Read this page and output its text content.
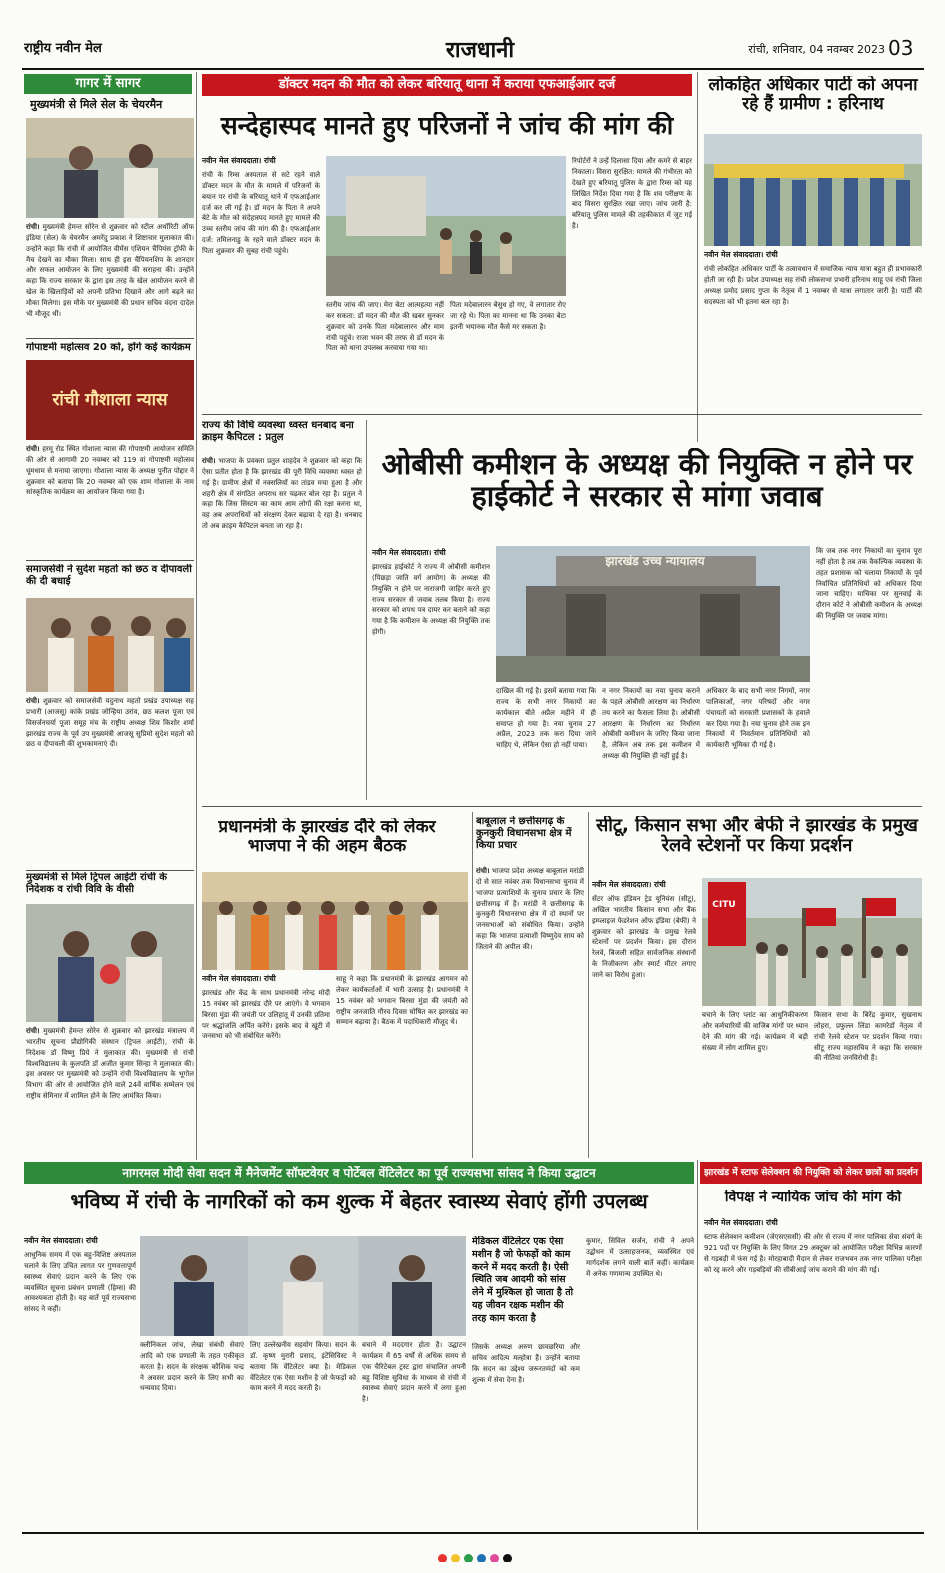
राष्ट्रीय नवीन मेल	राजधानी	रांची, शनिवार, 04 नवम्बर 2023 03
गागर में सागर
मुख्यमंत्री से मिले सेल के चेयरमैन
रांची। मुख्यमंत्री हेमन्त सोरेन से शुक्रवार को स्टील अथॉरिटी ऑफ इंडिया (सेल) के चेयरमैन अमरेंदु प्रकाश ने शिष्टाचार मुलाकात की। उन्होंने कहा कि रांची में आयोजित वीमेंस एशियन चैंपियंस ट्रॉफी के मैच देखने का मौका मिला। साथ ही इस चैंपियनशिप के शानदार और सफल आयोजन के लिए मुख्यमंत्री की सराहना की। उन्होंने कहा कि राज्य सरकार के द्वारा इस तरह के खेल आयोजन करने से खेल के खिलाड़ियों को अपनी प्रतिभा दिखाने और आगे बढ़ने का मौका मिलेगा। इस मौके पर मुख्यमंत्री की प्रधान सचिव वंदना दादेल भी मौजूद थीं।
गोपाष्टमी महोत्सव 20 को, होंगे कई कार्यक्रम
रांची गौशाला न्यास
रांची। हरमू रोड स्थित गोशाला न्यास की गोपाष्टमी आयोजन समिति की ओर से आगामी 20 नवम्बर को 119 वां गोपाष्टमी महोत्सव धूमधाम से मनाया जाएगा। गोशाला न्यास के अध्यक्ष पुनीत पोद्दार ने शुक्रवार को बताया कि 20 नवम्बर को एक शाम गोशाला के नाम सांस्कृतिक कार्यक्रम का आयोजन किया गया है।
समाजसेवी ने सुदेश महतो को छठ व दीपावली की दी बधाई
रांची। शुक्रवार को समाजसेवी यदुनाथ महतो प्रखंड उपाध्यक्ष सह प्रभारी (आजसू) कांके प्रखंड जोन्हिया उरांव, छठ कलश पूजा एवं विसर्जनचर्या पूजा समूह मंच के राष्ट्रीय अध्यक्ष शिव किशोर शर्मा झारखंड राज्य के पूर्व उप मुख्यमंत्री आजसू सुप्रिमो सुदेश महतो को छठ व दीपावली की शुभकामनाएं दी।
मुख्यमंत्री से मिले ट्रिपल आईटी रांची के निदेशक व रांची विवि के वीसी
रांची। मुख्यमंत्री हेमन्त सोरेन से शुक्रवार को झारखंड मंत्रालय में भारतीय सूचना प्रौद्योगिकी संस्थान (ट्रिपल आईटी), रांची के निदेशक डॉ विष्णु प्रिये ने मुलाकात की। मुख्यमंत्री से रांची विश्वविद्यालय के कुलपति डॉ अजीत कुमार सिन्हा ने मुलाकात की। इस अवसर पर मुख्यमंत्री को उन्होंने रांची विश्वविद्यालय के भूगोल विभाग की ओर से आयोजित होने वाले 24वें वार्षिक सम्मेलन एवं राष्ट्रीय सेमिनार में शामिल होने के लिए आमंत्रित किया।
डॉक्टर मदन की मौत को लेकर बरियातू थाना में कराया एफआईआर दर्ज
सन्देहास्पद मानते हुए परिजनों ने जांच की मांग की
नवीन मेल संवाददाता। रांची
रांची के रिम्स अस्पताल से सटे रहने वाले डॉक्टर मदन के मौत के मामले में परिजनों के बयान पर रांची के बरियातू थाने में एफआईआर दर्ज कर ली गई है। डॉ मदन के पिता ने अपने बेटे के मौत को संदेहास्पद मानते हुए मामले की उच्च स्तरीय जांच की मांग की है। एफआईआर दर्ज: तमिलनाडु के रहने वाले डॉक्टर मदन के पिता शुक्रवार की सुबह रांची पहुंचे।
स्तरीय जांच की जाए। मेरा बेटा आत्महत्या नहीं कर सकता: डॉ मदन की मौत की खबर सुनकर शुक्रवार को उनके पिता मदेबालारन और माम रांची पहुंचे। राजा भवन की तरफ से डॉ मदन के पिता को थाना उपलब्ध करवाया गया था।
पिता मदेबालारन बेसुध हो गए, वे लगातार रोए जा रहे थे। पिता का मानना था कि उनका बेटा इतनी भयानक मौत कैसे मर सकता है।
रिपोर्टरों ने उन्हें दिलासा दिया और कमरे से बाहर निकाला। विसरा सुरक्षित: मामले की गंभीरता को देखते हुए बरियातू पुलिस के द्वारा रिम्स को यह लिखित निर्देश दिया गया है कि शव परीक्षण के बाद विसरा सुरक्षित रखा जाए। जांच जारी है: बरियातू पुलिस मामले की तहकीकात में जुट गई है।
लोकहित अधिकार पार्टी को अपना रहे हैं ग्रामीण : हरिनाथ
नवीन मेल संवाददाता। रांची
रांची लोकहित अधिकार पार्टी के तत्वावधान में समाजिक न्याय यात्रा बहुत ही प्रभावकारी होती जा रही है। प्रदेश उपाध्यक्ष सह रांची लोकसभा प्रभारी हरिनाथ साहू एवं रांची जिला अध्यक्ष प्रमोद प्रसाद गुप्ता के नेतृत्व में 1 नवम्बर से यात्रा लगातार जारी है। पार्टी की सदस्यता को भी इतना बल रहा है।
राज्य की विधि व्यवस्था ध्वस्त धनबाद बना क्राइम कैपिटल : प्रतुल
रांची। भाजपा के प्रवक्ता प्रतुल शाहदेव ने शुक्रवार को कहा कि ऐसा प्रतीत होता है कि झारखंड की पूरी विधि व्यवस्था ध्वस्त हो गई है। ग्रामीण क्षेत्रों में नक्सलियों का तांडव मचा हुआ है और शहरी क्षेत्र में संगठित अपराध सर चढ़कर बोल रहा है। प्रतुल ने कहा कि जिस सिस्टम का काम आम लोगों की रक्षा करना था, वह अब अपराधियों को संरक्षण देकर बढ़ावा दे रहा है। धनबाद तो अब क्राइम कैपिटल बनता जा रहा है।
ओबीसी कमीशन के अध्यक्ष की नियुक्ति न होने पर हाईकोर्ट ने सरकार से मांगा जवाब
नवीन मेल संवाददाता। रांची
झारखंड हाईकोर्ट ने राज्य में ओबीसी कमीशन (पिछड़ा जाति वर्ग आयोग) के अध्यक्ष की नियुक्ति न होने पर नाराजगी जाहिर करते हुए राज्य सरकार से जवाब तलब किया है। राज्य सरकार को शपथ पत्र दायर कर बताने को कहा गया है कि कमीशन के अध्यक्ष की नियुक्ति तक होगी।
झारखंड उच्च न्यायालय
दाखिल की गई है। इसमें बताया गया कि राज्य के सभी नगर निकायों का कार्यकाल बीते अप्रैल महीने में ही समाप्त हो गया है। नया चुनाव 27 अप्रैल, 2023 तक करा दिया जाने चाहिए थे, लेकिन ऐसा हो नहीं पाया।
न नगर निकायों का नया चुनाव कराने के पहले ओबीसी आरक्षण का निर्धारण तय करने का फैसला लिया है। ओबीसी आरक्षण के निर्धारण का निर्धारण ओबीसी कमीशन के जरिए किया जाना है, लेकिन अब तक इस कमीशन में अध्यक्ष की नियुक्ति ही नहीं हुई है।
अधिकार के बाद सभी नगर निगमों, नगर पालिकाओं, नगर परिषदों और नगर पंचायतों को सरकारी प्रशासकों के हवाले कर दिया गया है। नया चुनाव होने तक इन निकायों में निवर्तमान प्रतिनिधियों को कार्यकारी भूमिका दी गई है।
कि जब तक नगर निकायों का चुनाव पूरा नहीं होता है तब तक वैकल्पिक व्यवस्था के तहत प्रशासक को चलाया निकायों के पूर्व निर्वाचित प्रतिनिधियों को अधिकार दिया जाना चाहिए। याचिका पर सुनवाई के दौरान कोर्ट ने ओबीसी कमीशन के अध्यक्ष की नियुक्ति पर जवाब मांगा।
प्रधानमंत्री के झारखंड दौरे को लेकर भाजपा ने की अहम बैठक
नवीन मेल संवाददाता। रांची
झारखंड और केंद्र के साथ प्रधानमंत्री नरेन्द्र मोदी 15 नवंबर को झारखंड दौरे पर आएंगे। वे भगवान बिरसा मुंडा की जयंती पर उलिहातू में उनकी प्रतिमा पर श्रद्धांजलि अर्पित करेंगे। इसके बाद वे खूंटी में जनसभा को भी संबोधित करेंगे।
साहू ने कहा कि प्रधानमंत्री के झारखंड आगमन को लेकर कार्यकर्ताओं में भारी उत्साह है। प्रधानमंत्री ने 15 नवंबर को भगवान बिरसा मुंडा की जयंती को राष्ट्रीय जनजाति गौरव दिवस घोषित कर झारखंड का सम्मान बढ़ाया है। बैठक में पदाधिकारी मौजूद थे।
बाबूलाल ने छत्तीसगढ़ के कुनकुरी विधानसभा क्षेत्र में किया प्रचार
रांची। भाजपा प्रदेश अध्यक्ष बाबूलाल मरांडी दो से सात नवंबर तक विधानसभा चुनाव में भाजपा प्रत्याशियों के चुनाव प्रचार के लिए छत्तीसगढ़ में हैं। मरांडी ने छत्तीसगढ़ के कुनकुरी विधानसभा क्षेत्र में दो स्थानों पर जनसभाओं को संबोधित किया। उन्होंने कहा कि भाजपा प्रत्याशी विष्णुदेव साय को जिताने की अपील की।
सीटू, किसान सभा और बेफी ने झारखंड के प्रमुख रेलवे स्टेशनों पर किया प्रदर्शन
नवीन मेल संवाददाता। रांची
सेंटर ऑफ इंडियन ट्रेड यूनियंस (सीटू), अखिल भारतीय किसान सभा और बैंक इम्प्लाइज फेडरेशन ऑफ इंडिया (बेफी) ने शुक्रवार को झारखंड के प्रमुख रेलवे स्टेशनों पर प्रदर्शन किया। इस दौरान रेलवे, बिजली सहित सार्वजनिक संस्थानों के निजीकरण और स्मार्ट मीटर लगाए जाने का विरोध हुआ।
CITU
बचाने के लिए प्लांट का आधुनिकीकरण और कर्मचारियों की वाजिब मांगों पर ध्यान देने की मांग की गई। कार्यक्रम में बड़ी संख्या में लोग शामिल हुए।
किसान सभा के बिरेंद्र कुमार, सुखनाथ लोहरा, प्रफुल्ल लिंडा कामरेडों नेतृत्व में रांची रेलवे स्टेशन पर प्रदर्शन किया गया। सीटू राज्य महासचिव ने कहा कि सरकार की नीतियां जनविरोधी हैं।
नागरमल मोदी सेवा सदन में मैनेजमेंट सॉफ्टवेयर व पोर्टेबल वेंटिलेटर का पूर्व राज्यसभा सांसद ने किया उद्घाटन	झारखंड में स्टाफ सेलेक्शन की नियुक्ति को लेकर छात्रों का प्रदर्शन
भविष्य में रांची के नागरिकों को कम शुल्क में बेहतर स्वास्थ्य सेवाएं होंगी उपलब्ध
नवीन मेल संवाददाता। रांची
आधुनिक समय में एक बहु-विशिष्ट अस्पताल चलाने के लिए उचित लागत पर गुणवत्तापूर्ण स्वास्थ्य सेवाएं प्रदान करने के लिए एक व्यवस्थित सूचना प्रबंधन प्रणाली (हिम्स) की आवश्यकता होती है। यह बातें पूर्व राज्यसभा सांसद ने कहीं।
क्लीनिकल जांच, लेखा संबंधी सेवाएं आदि को एक प्रणाली के तहत एकीकृत करता है। सदन के संरक्षक कौशिक चन्द्र ने अवसर प्रदान करने के लिए सभी का धन्यवाद दिया।
लिए उल्लेखनीय सहयोग किया। सदन के डॉ. कृष्ण मुरारी प्रसाद, इंटेंसिविस्ट ने बताया कि वेंटिलेटर क्या है। मेडिकल वेंटिलेटर एक ऐसा मशीन है जो फेफड़ों को काम करने में मदद करती है।
बचाने में मददगार होता है। उद्घाटन कार्यक्रम में 65 वर्षों से अधिक समय से एक चैरिटेबल ट्रस्ट द्वारा संचालित अपनी बहु विशिष्ट सुविधा के माध्यम से रांची में स्वास्थ्य सेवाएं प्रदान करने में लगा हुआ है।
मेडिकल वेंटिलेटर एक ऐसा मशीन है जो फेफड़ों को काम करने में मदद करती है। ऐसी स्थिति जब आदमी को सांस लेने में मुश्किल हो जाता है तो यह जीवन रक्षक मशीन की तरह काम करता है
जिसके अध्यक्ष अरुण छावछरिया और सचिव आदित्य मल्होत्रा हैं। उन्होंने बताया कि सदन का उद्देश्य जरूरतमंदों को कम शुल्क में सेवा देना है।
कुमार, सिविल सर्जन, रांची ने अपने उद्बोधन में उत्साहजनक, व्यवस्थित एवं मार्गदर्शक लगने वाली बातें कहीं। कार्यक्रम में अनेक गणमान्य उपस्थित थे।
विपक्ष ने न्यायिक जांच की मांग की
नवीन मेल संवाददाता। रांची
स्टाफ सेलेक्शन कमीशन (जेएसएससी) की ओर से राज्य में नगर पालिका सेवा संवर्ग के 921 पदों पर नियुक्ति के लिए विगत 29 अक्टूबर को आयोजित परीक्षा विभिन्न कारणों से गड़बड़ी में फंस गई है। मोरहाबादी मैदान से लेकर राजभवन तक नगर पालिका परीक्षा को रद्द करने और गड़बड़ियों की सीबीआई जांच कराने की मांग की गई।
